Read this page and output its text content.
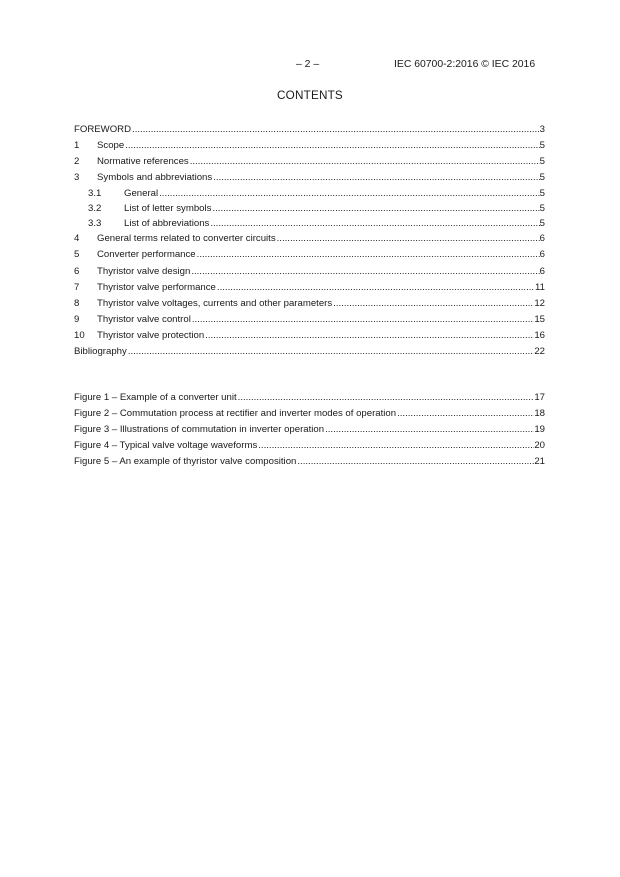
– 2 –	IEC 60700-2:2016 © IEC 2016
CONTENTS
FOREWORD .....	3
1	Scope .....	5
2	Normative references .....	5
3	Symbols and abbreviations .....	5
3.1	General .....	5
3.2	List of letter symbols .....	5
3.3	List of abbreviations .....	5
4	General terms related to converter circuits .....	6
5	Converter performance .....	6
6	Thyristor valve design .....	6
7	Thyristor valve performance .....	11
8	Thyristor valve voltages, currents and other parameters .....	12
9	Thyristor valve control .....	15
10	Thyristor valve protection .....	16
Bibliography .....	22
Figure 1 – Example of a converter unit .....	17
Figure 2 – Commutation process at rectifier and inverter modes of operation .....	18
Figure 3 – Illustrations of commutation in inverter operation .....	19
Figure 4 – Typical valve voltage waveforms .....	20
Figure 5 – An example of thyristor valve composition .....	21
